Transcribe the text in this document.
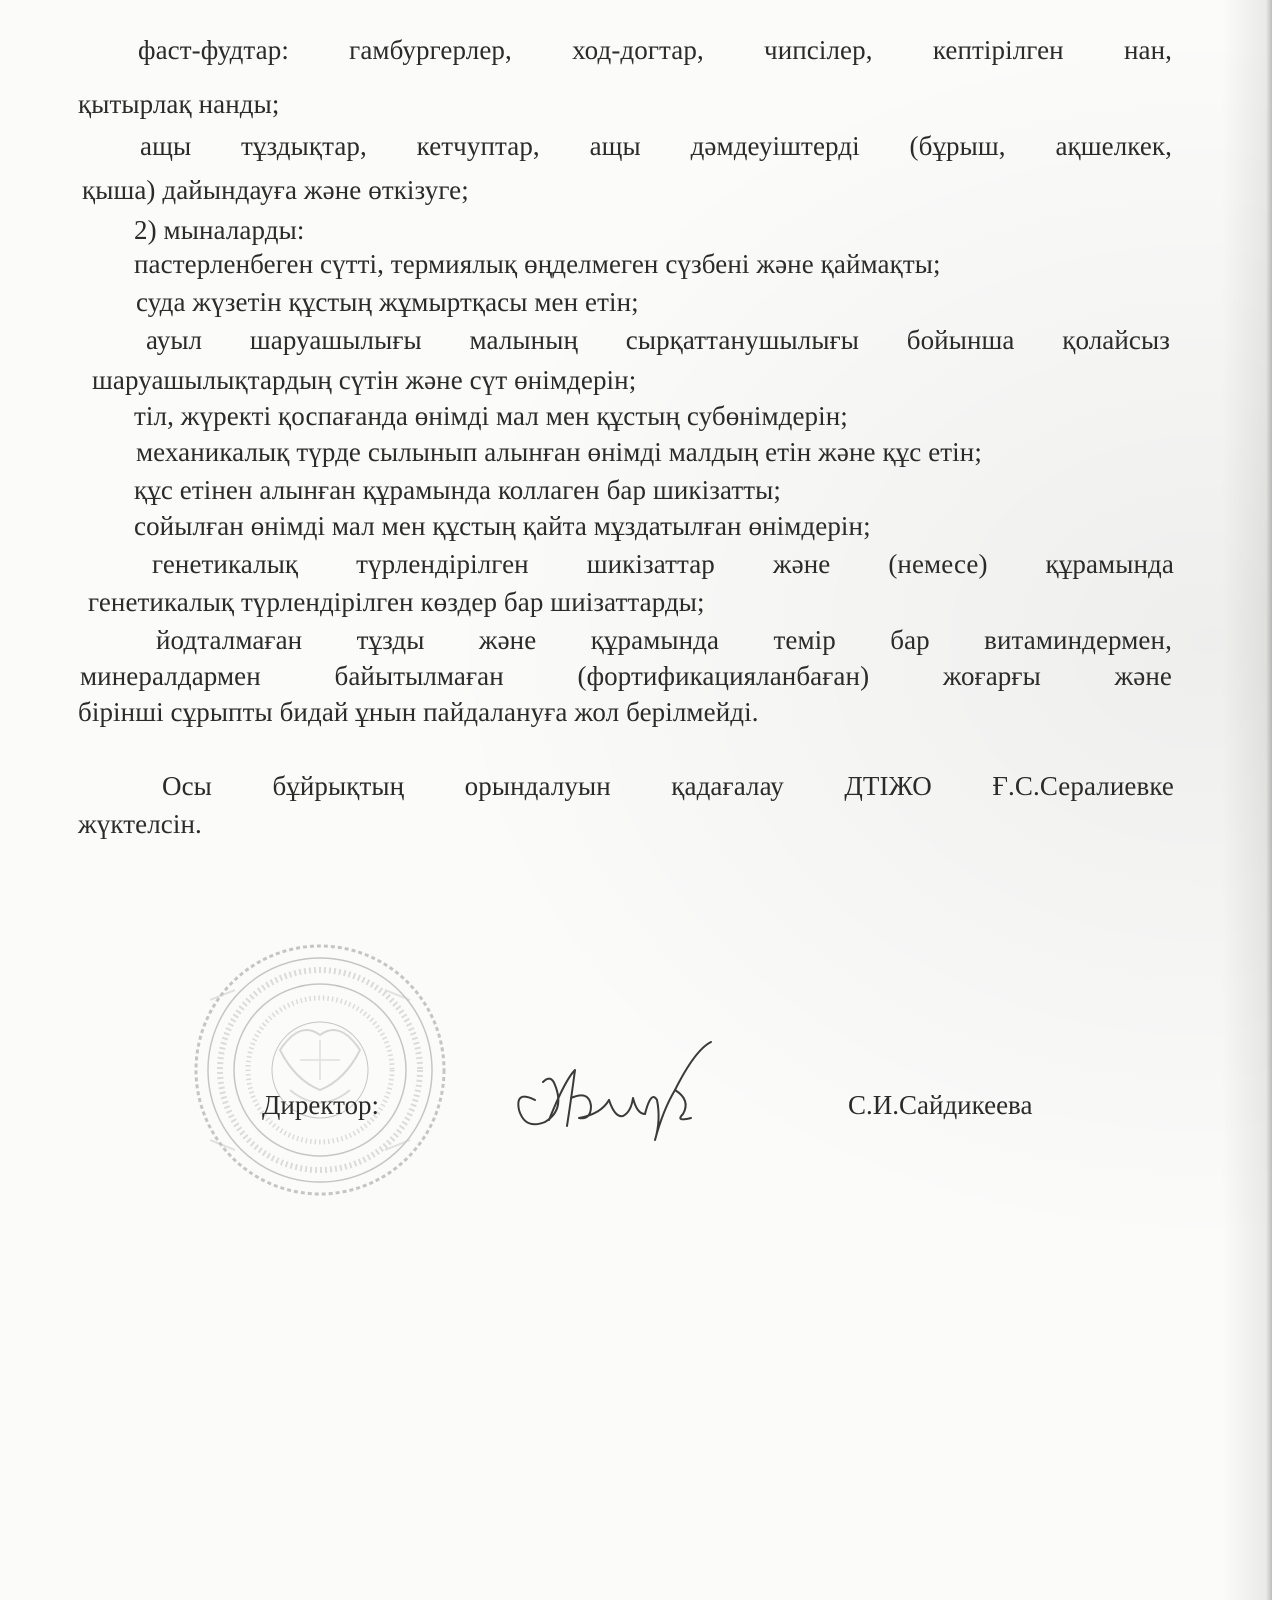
фаст-фудтар: гамбургерлер, ход-догтар, чипсілер, кептірілген нан,
қытырлақ нанды;
ащы тұздықтар, кетчуптар, ащы дәмдеуіштерді (бұрыш, ақшелкек,
қыша) дайындауға және өткізуге;
2) мыналарды:
пастерленбеген сүтті, термиялық өңделмеген сүзбені және қаймақты;
суда жүзетін құстың жұмыртқасы мен етін;
ауыл шаруашылығы малының сырқаттанушылығы бойынша қолайсыз
шаруашылықтардың сүтін және сүт өнімдерін;
тіл, жүректі қоспағанда өнімді мал мен құстың субөнімдерін;
механикалық түрде сылынып алынған өнімді малдың етін және құс етін;
құс етінен алынған құрамында коллаген бар шикізатты;
сойылған өнімді мал мен құстың қайта мұздатылған өнімдерін;
генетикалық түрлендірілген шикізаттар және (немесе) құрамында
генетикалық түрлендірілген көздер бар шиізаттарды;
йодталмаған тұзды және құрамында темір бар витаминдермен,
минералдармен	байытылмаған	(фортификацияланбаған)	жоғарғы	және
бірінші сұрыпты бидай ұнын пайдалануға жол берілмейді.
Осы бұйрықтың орындалуын қадағалау ДТІЖО Ғ.С.Сералиевке
жүктелсін.
Директор:	С.И.Сайдикеева
